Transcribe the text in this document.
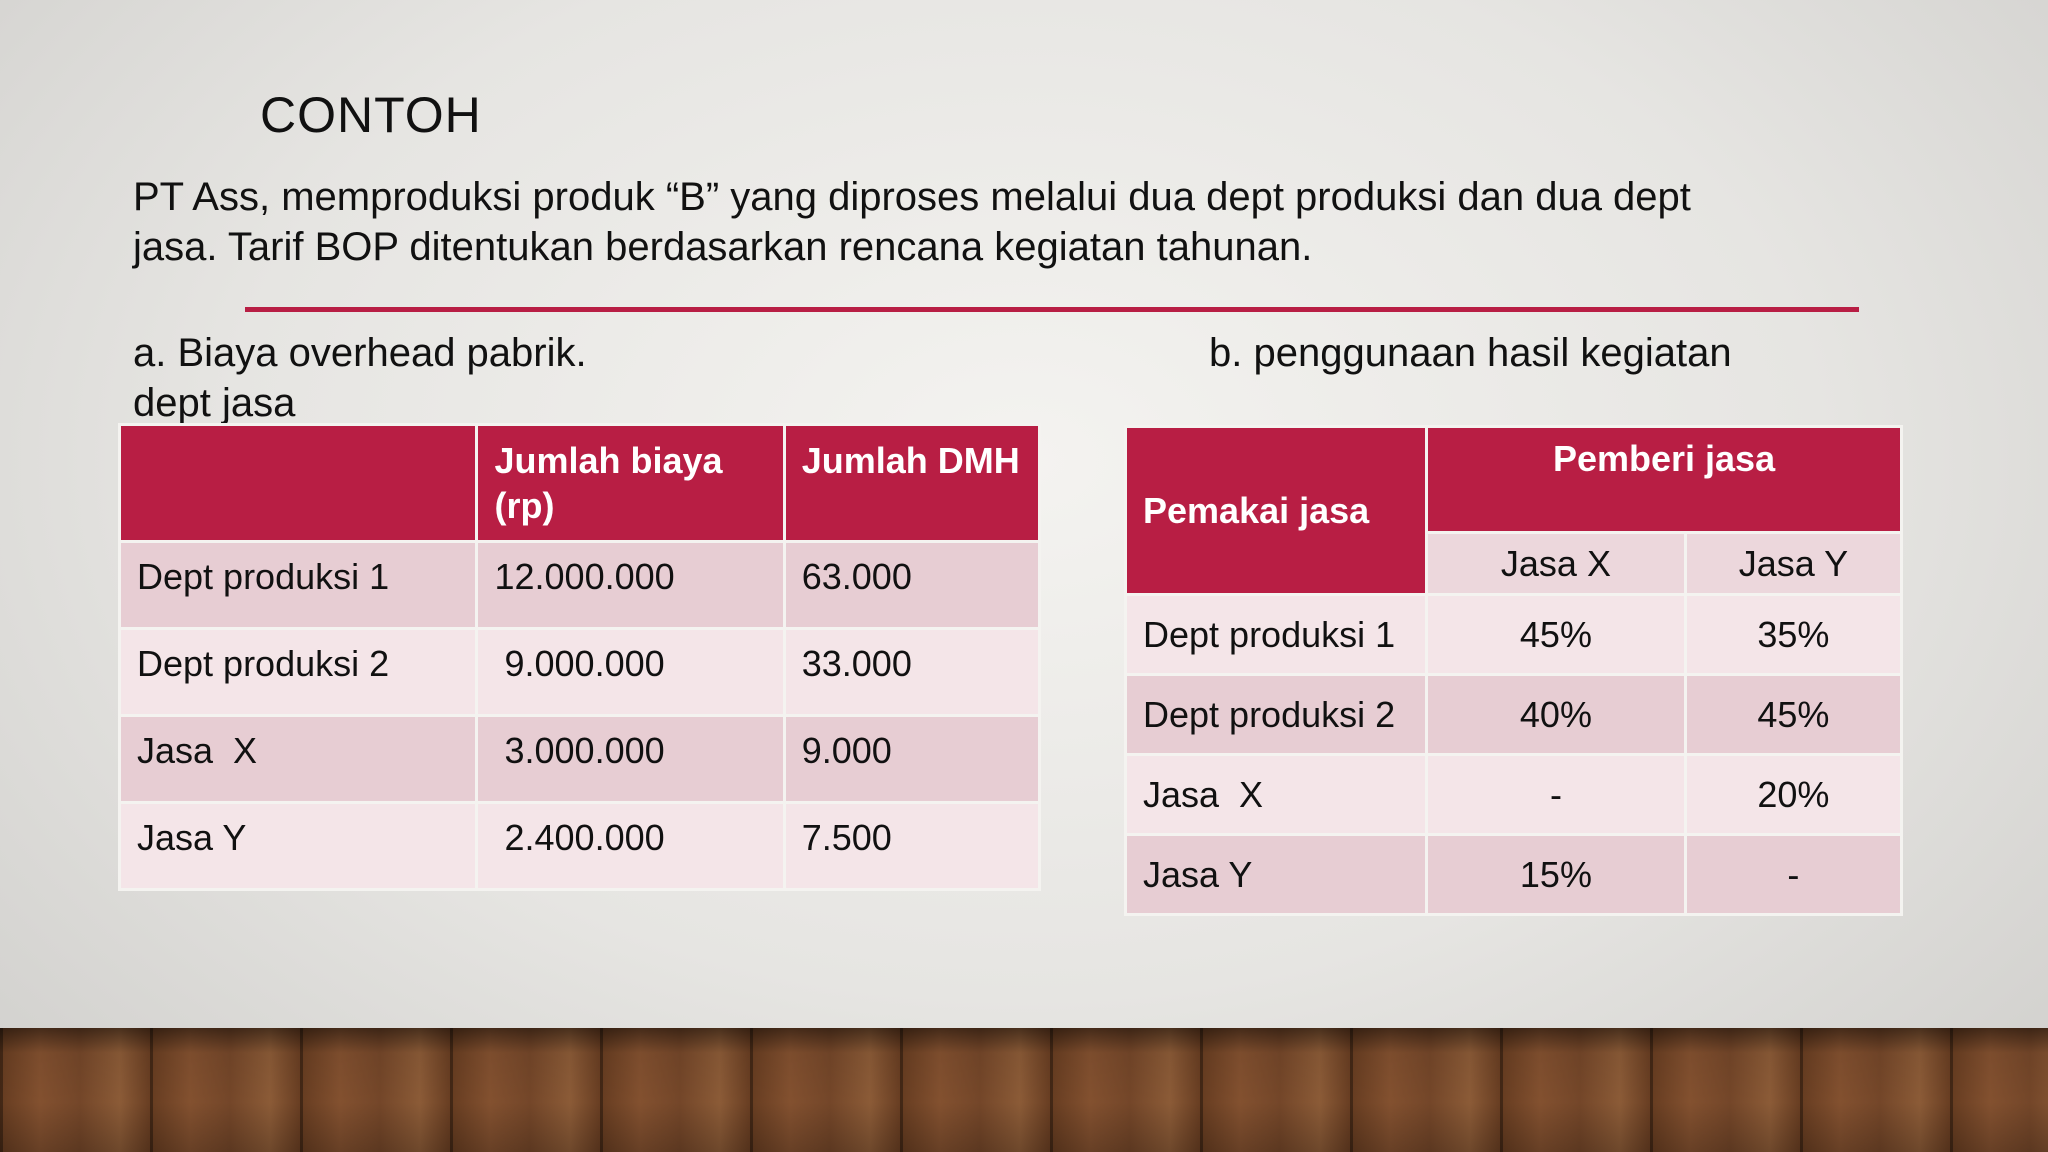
CONTOH
PT Ass, memproduksi produk “B” yang diproses melalui dua dept produksi dan dua dept
jasa. Tarif BOP ditentukan berdasarkan rencana kegiatan tahunan.
a. Biaya overhead pabrik.
dept jasa
b. penggunaan hasil kegiatan
	Jumlah biaya (rp)	Jumlah DMH
Dept produksi 1	12.000.000	63.000
Dept produksi 2	9.000.000	33.000
Jasa  X	3.000.000	9.000
Jasa Y	2.400.000	7.500
Pemakai jasa	Pemberi jasa	
	Jasa X	Jasa Y
Dept produksi 1	45%	35%
Dept produksi 2	40%	45%
Jasa  X	-	20%
Jasa Y	15%	-
